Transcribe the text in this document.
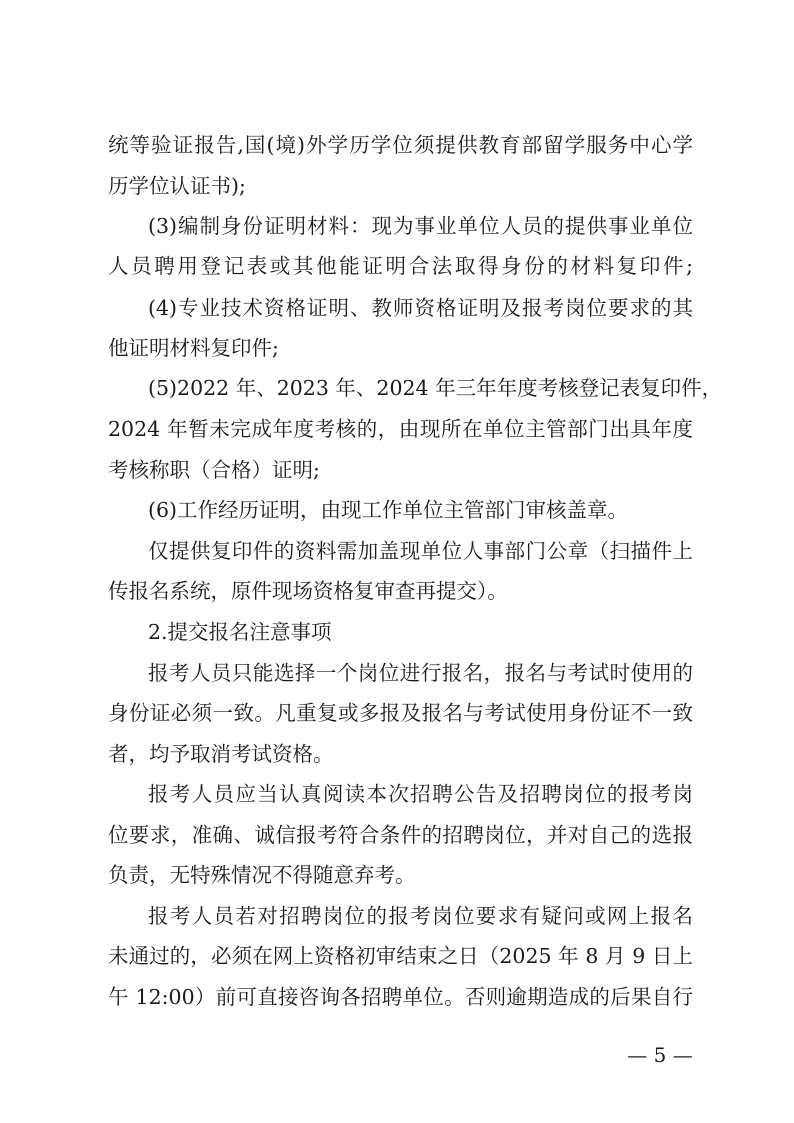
统等验证报告,国(境)外学历学位须提供教育部留学服务中心学
历学位认证书);
(3)编制身份证明材料：现为事业单位人员的提供事业单位
人员聘用登记表或其他能证明合法取得身份的材料复印件;
(4)专业技术资格证明、教师资格证明及报考岗位要求的其
他证明材料复印件;
(5)2022 年、2023 年、2024 年三年年度考核登记表复印件，
2024 年暂未完成年度考核的，由现所在单位主管部门出具年度
考核称职（合格）证明;
(6)工作经历证明，由现工作单位主管部门审核盖章。
仅提供复印件的资料需加盖现单位人事部门公章（扫描件上
传报名系统，原件现场资格复审查再提交）。
2.提交报名注意事项
报考人员只能选择一个岗位进行报名，报名与考试时使用的
身份证必须一致。凡重复或多报及报名与考试使用身份证不一致
者，均予取消考试资格。
报考人员应当认真阅读本次招聘公告及招聘岗位的报考岗
位要求，准确、诚信报考符合条件的招聘岗位，并对自己的选报
负责，无特殊情况不得随意弃考。
报考人员若对招聘岗位的报考岗位要求有疑问或网上报名
未通过的，必须在网上资格初审结束之日（2025 年 8 月 9 日上
午 12:00）前可直接咨询各招聘单位。否则逾期造成的后果自行
— 5 —
